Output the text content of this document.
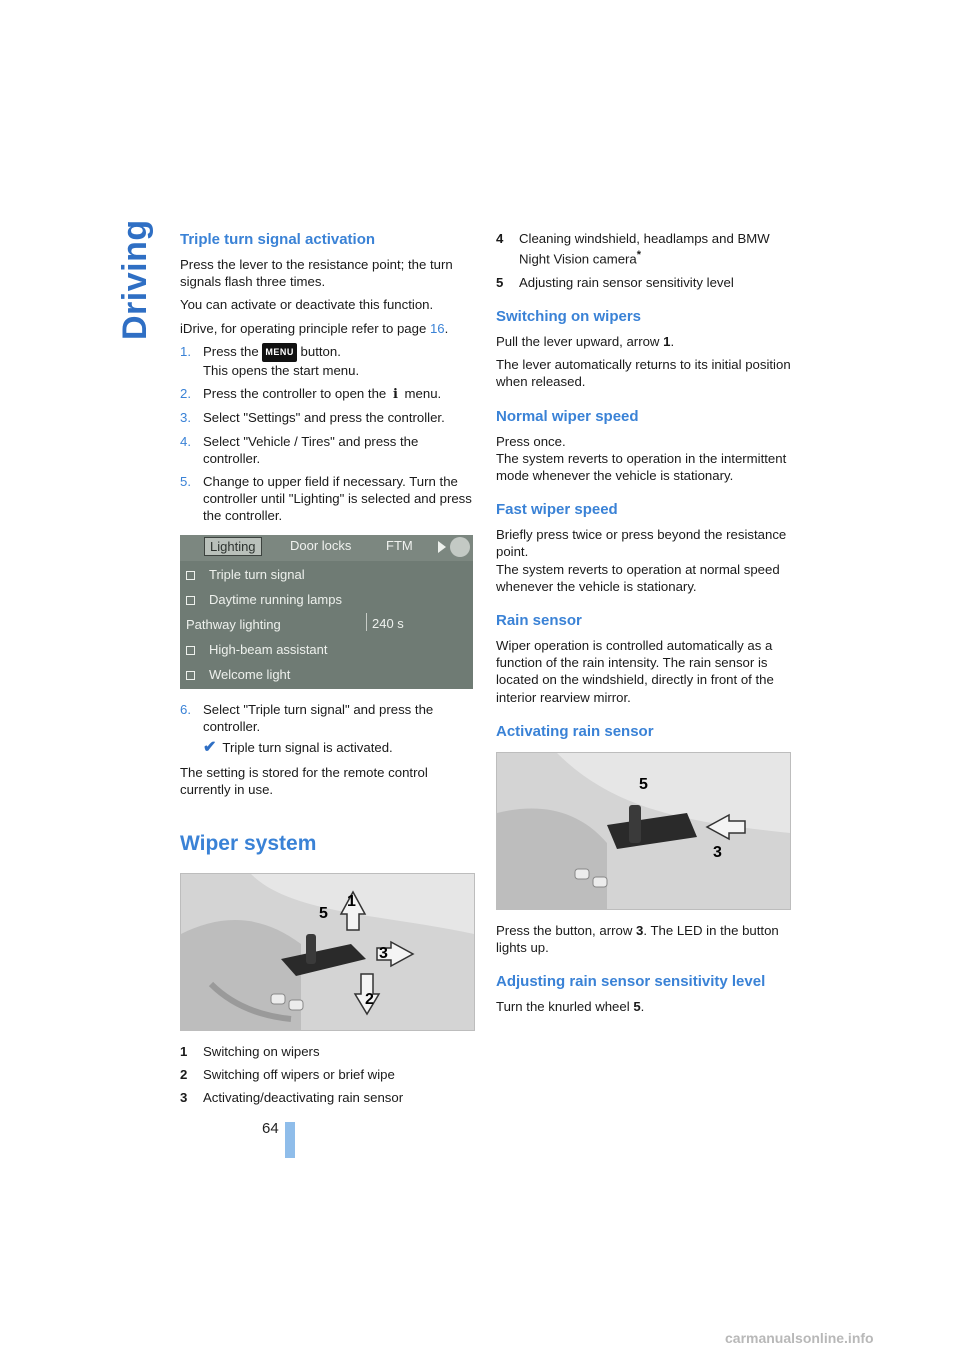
Driving Triple turn signal activation

Press the lever to the resistance point; the turn signals flash three times.

You can activate or deactivate this function.

iDrive, for operating principle refer to page 16.

1. Press the MENU button.
This opens the start menu.
2. Press the controller to open the i menu.
3. Select "Settings" and press the controller.
4. Select "Vehicle / Tires" and press the controller.
5. Change to upper field if necessary. Turn the controller until "Lighting" is selected and press the controller.
Lighting	Door locks	FTM
Triple turn signal
Daytime running lamps
Pathway lighting	240 s
High-beam assistant
Welcome light
6. Select "Triple turn signal" and press the controller.
✔ Triple turn signal is activated.

The setting is stored for the remote control currently in use.

Wiper system
5
1
3
2
1 Switching on wipers
2 Switching off wipers or brief wipe
3 Activating/deactivating rain sensor
4 Cleaning windshield, headlamps and BMW Night Vision camera*
5 Adjusting rain sensor sensitivity level
Switching on wipers

Pull the lever upward, arrow 1.

The lever automatically returns to its initial position when released.

Normal wiper speed

Press once.

The system reverts to operation in the intermittent mode whenever the vehicle is stationary.

Fast wiper speed

Briefly press twice or press beyond the resistance point.

The system reverts to operation at normal speed whenever the vehicle is stationary.

Rain sensor

Wiper operation is controlled automatically as a function of the rain intensity. The rain sensor is located on the windshield, directly in front of the interior rearview mirror.

Activating rain sensor
5
3

Press the button, arrow 3. The LED in the button lights up.

Adjusting rain sensor sensitivity level

Turn the knurled wheel 5.

64
carmanualsonline.info
